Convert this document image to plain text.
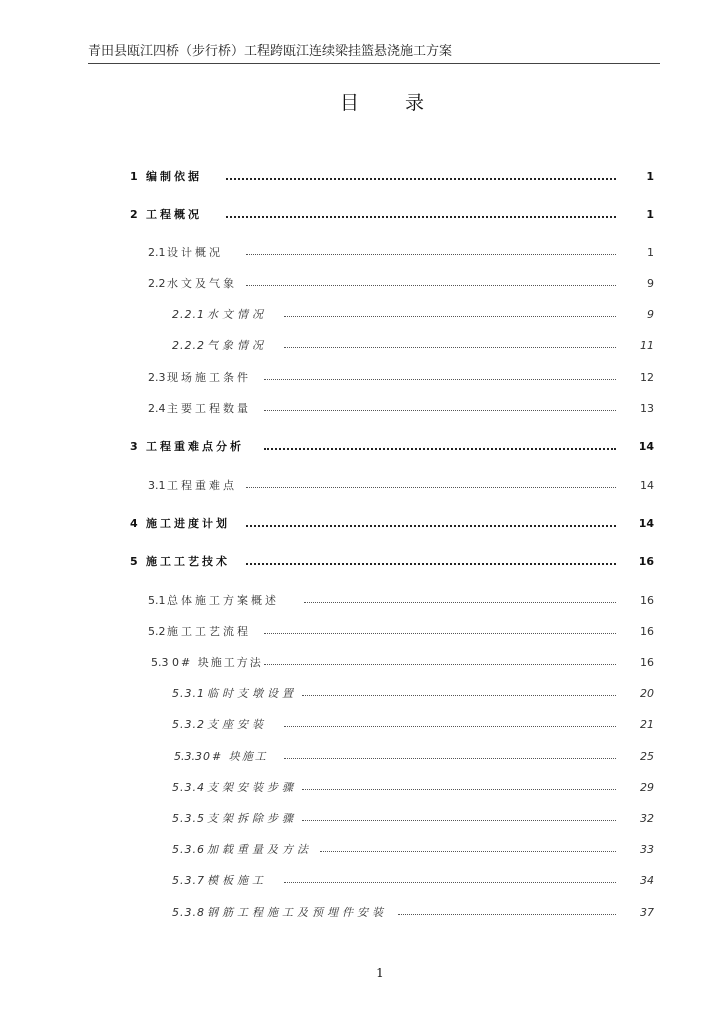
青田县瓯江四桥（步行桥）工程跨瓯江连续梁挂篮悬浇施工方案
目 录
1 编制依据	1
2 工程概况	1
2.1 设计概况	1
2.2 水文及气象	9
2.2.1 水文情况	9
2.2.2 气象情况	11
2.3 现场施工条件	12
2.4 主要工程数量	13
3 工程重难点分析	14
3.1 工程重难点	14
4 施工进度计划	14
5 施工工艺技术	16
5.1 总体施工方案概述	16
5.2 施工工艺流程	16
5.3 0# 块施工方法	16
5.3.1 临时支墩设置	20
5.3.2 支座安装	21
5.3.3 0# 块施工	25
5.3.4 支架安装步骤	29
5.3.5 支架拆除步骤	32
5.3.6 加载重量及方法	33
5.3.7 模板施工	34
5.3.8 钢筋工程施工及预埋件安装	37
1
